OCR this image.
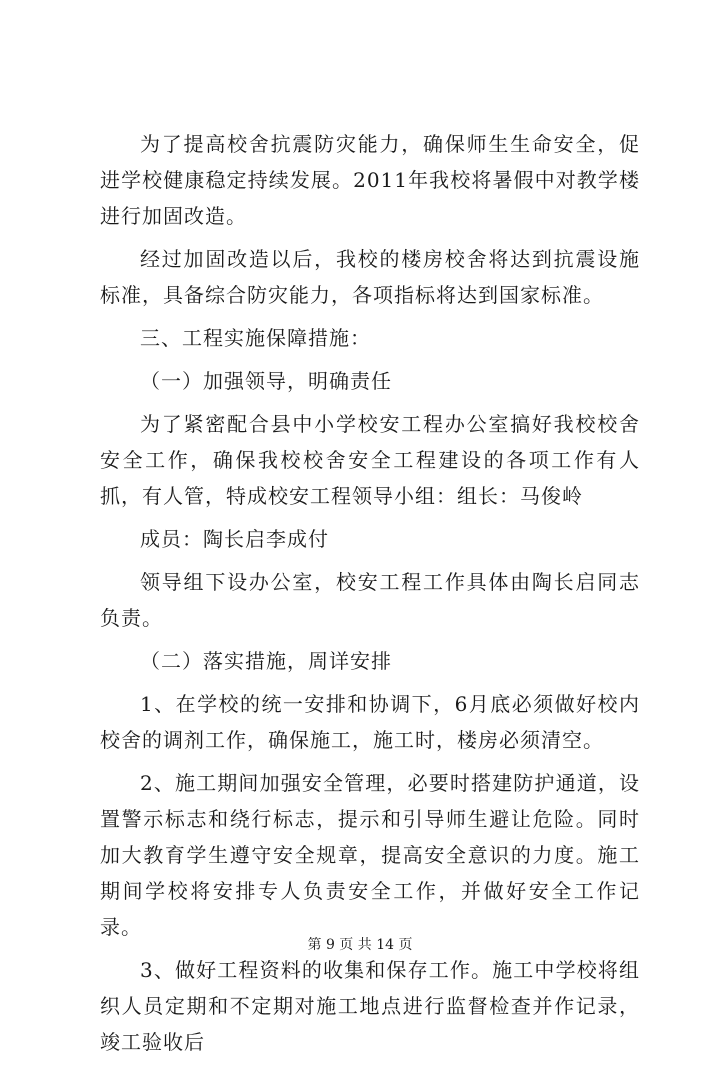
为了提高校舍抗震防灾能力，确保师生生命安全，促进学校健康稳定持续发展。2011年我校将暑假中对教学楼进行加固改造。

经过加固改造以后，我校的楼房校舍将达到抗震设施标准，具备综合防灾能力，各项指标将达到国家标准。

三、工程实施保障措施：

（一）加强领导，明确责任

为了紧密配合县中小学校安工程办公室搞好我校校舍安全工作，确保我校校舍安全工程建设的各项工作有人抓，有人管，特成校安工程领导小组：组长：马俊岭

成员：陶长启李成付

领导组下设办公室，校安工程工作具体由陶长启同志负责。

（二）落实措施，周详安排

1、在学校的统一安排和协调下，6月底必须做好校内校舍的调剂工作，确保施工，施工时，楼房必须清空。

2、施工期间加强安全管理，必要时搭建防护通道，设置警示标志和绕行标志，提示和引导师生避让危险。同时加大教育学生遵守安全规章，提高安全意识的力度。施工期间学校将安排专人负责安全工作，并做好安全工作记录。

3、做好工程资料的收集和保存工作。施工中学校将组织人员定期和不定期对施工地点进行监督检查并作记录，竣工验收后

第 9 页 共 14 页
